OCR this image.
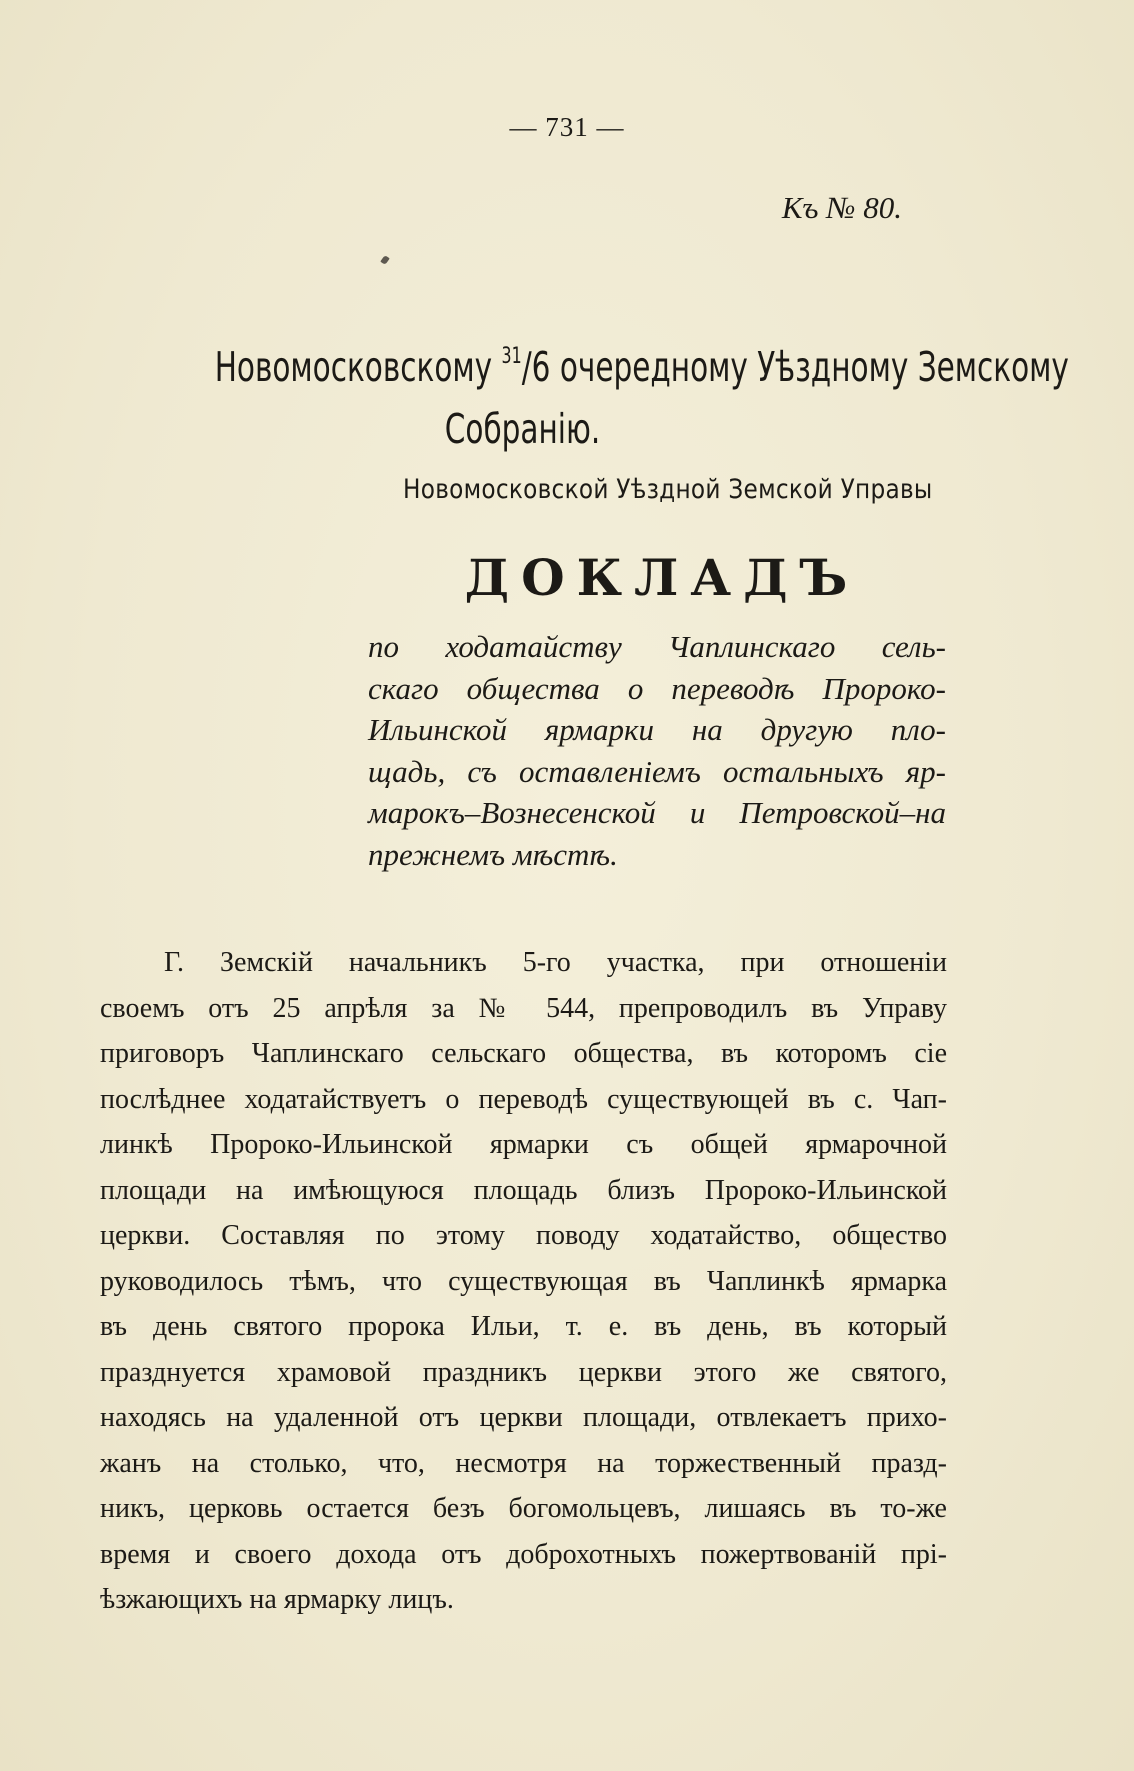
— 731 —
Къ № 80.
Новомосковскому $^{31}$/6 очередному Уѣздному Земскому
Собранію.
Новомосковской Уѣздной Земской Управы
ДОКЛАДЪ
по ходатайству Чаплинскаго сель-
скаго общества о переводѣ Пророко-
Ильинской ярмарки на другую пло-
щадь, съ оставленіемъ остальныхъ яр-
марокъ–Вознесенской и Петровской–на
прежнемъ мѣстѣ.
Г. Земскій начальникъ 5-го участка, при отношеніи
своемъ отъ 25 апрѣля за № 544, препроводилъ въ Управу
приговоръ Чаплинскаго сельскаго общества, въ которомъ сіе
послѣднее ходатайствуетъ о переводѣ существующей въ с. Чап-
линкѣ Пророко-Ильинской ярмарки съ общей ярмарочной
площади на имѣющуюся площадь близъ Пророко-Ильинской
церкви. Составляя по этому поводу ходатайство, общество
руководилось тѣмъ, что существующая въ Чаплинкѣ ярмарка
въ день святого пророка Ильи, т. е. въ день, въ который
празднуется храмовой праздникъ церкви этого же святого,
находясь на удаленной отъ церкви площади, отвлекаетъ прихо-
жанъ на столько, что, несмотря на торжественный празд-
никъ, церковь остается безъ богомольцевъ, лишаясь въ то-же
время и своего дохода отъ доброхотныхъ пожертвованій прі-
ѣзжающихъ на ярмарку лицъ.
